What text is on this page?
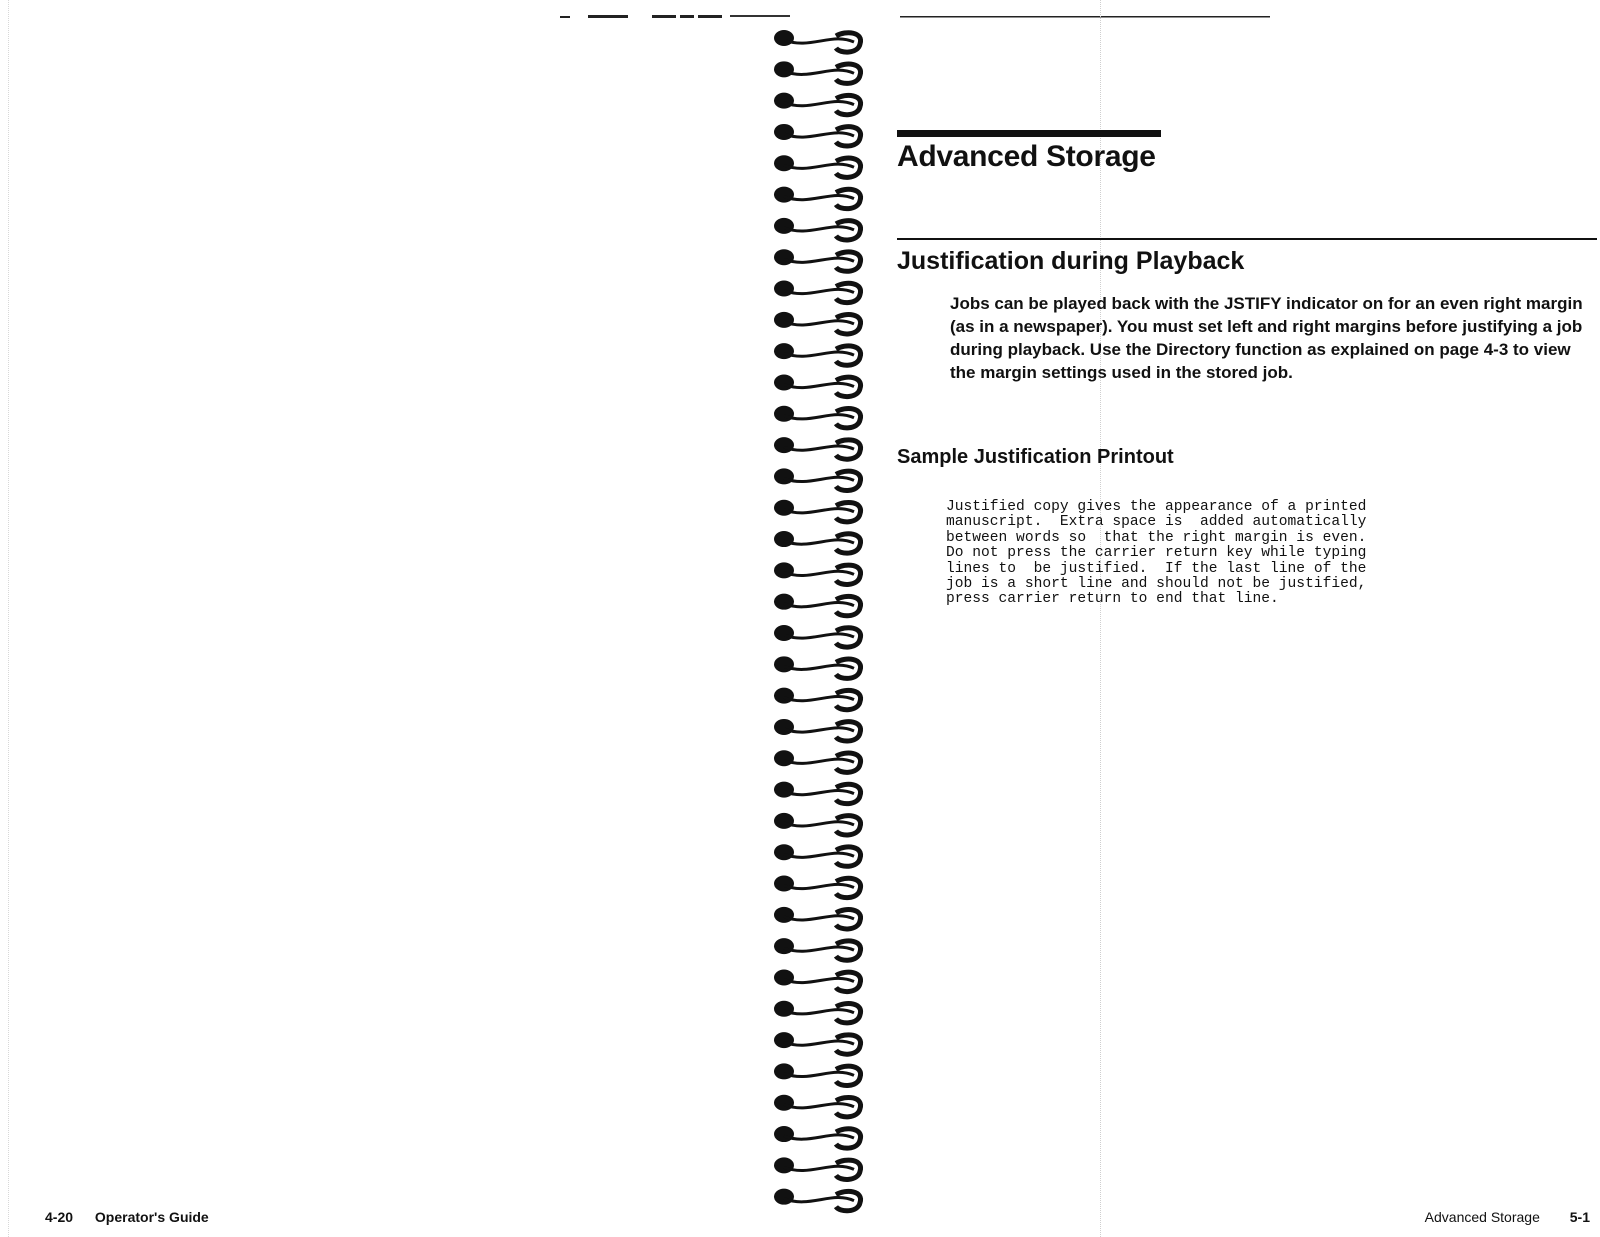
4-20 Operator's Guide
Advanced Storage
Justification during Playback

Jobs can be played back with the JSTIFY indicator on for an even right margin (as in a newspaper). You must set left and right margins before justifying a job during playback. Use the Directory function as explained on page 4-3 to view the margin settings used in the stored job.

Sample Justification Printout
Justified copy gives the appearance of a printed
manuscript.  Extra space is  added automatically
between words so  that the right margin is even.
Do not press the carrier return key while typing
lines to  be justified.  If the last line of the
job is a short line and should not be justified,
press carrier return to end that line.
Advanced Storage 5-1
